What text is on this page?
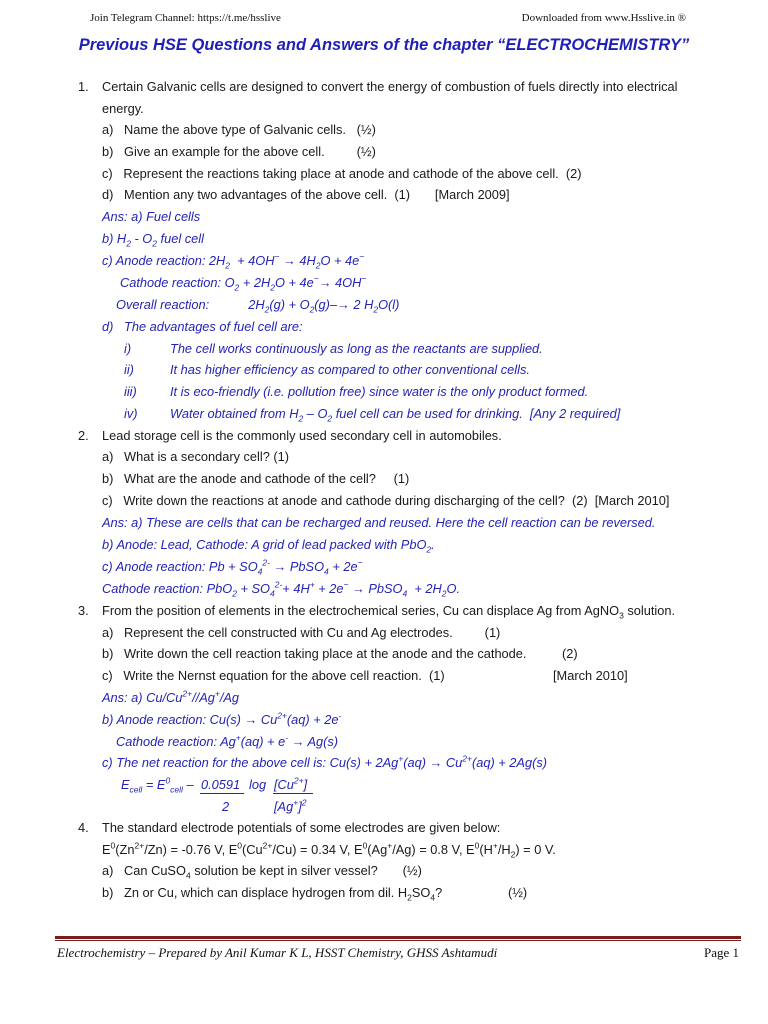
Join Telegram Channel: https://t.me/hsslive	Downloaded from www.Hsslive.in ®
Previous HSE Questions and Answers of the chapter “ELECTROCHEMISTRY”
1. Certain Galvanic cells are designed to convert the energy of combustion of fuels directly into electrical
energy.
a)   Name the above type of Galvanic cells.   (½)
b)   Give an example for the above cell.         (½)
c)   Represent the reactions taking place at anode and cathode of the above cell.  (2)
d)   Mention any two advantages of the above cell.  (1)       [March 2009]
Ans: a) Fuel cells
b) $H_2 - O_2$ fuel cell
c) Anode reaction: $2H_2 + 4OH^- \to 4H_2O + 4e^-$
Cathode reaction: $O_2 + 2H_2O + 4e^-\to 4OH^-$
Overall reaction:           $2H_2(g) + O_2(g)-\to 2$ $H_2O(l)$
d)   The advantages of fuel cell are:
i)	The cell works continuously as long as the reactants are supplied.
ii)	It has higher efficiency as compared to other conventional cells.
iii)	It is eco-friendly (i.e. pollution free) since water is the only product formed.
iv)	Water obtained from $H_2 - O_2$ fuel cell can be used for drinking.  [Any 2 required]
2. Lead storage cell is the commonly used secondary cell in automobiles.
a)   What is a secondary cell? (1)
b)   What are the anode and cathode of the cell?     (1)
c)   Write down the reactions at anode and cathode during discharging of the cell?  (2)  [March 2010]
Ans: a) These are cells that can be recharged and reused. Here the cell reaction can be reversed.
b) Anode: Lead, Cathode: A grid of lead packed with PbO$_2$.
c) Anode reaction: $Pb + SO_4^{2-}$ → PbSO$_4$ + 2e−
Cathode reaction: $PbO_2 + SO_4^{2-}+ 4H^+ + 2e^-$ → PbSO$_4$  + $2H_2O$.
3. From the position of elements in the electrochemical series, Cu can displace Ag from AgNO$_3$ solution.
a)   Represent the cell constructed with Cu and Ag electrodes.         (1)
b)   Write down the cell reaction taking place at the anode and the cathode.          (2)
c)   Write the Nernst equation for the above cell reaction.  (1)	[March 2010]
Ans: a) $Cu/Cu^{2+}//Ag^+/Ag$
b) Anode reaction: $Cu(s) \to Cu^{2+}(aq) + 2e^-$
Cathode reaction: Ag+(aq) + e- → Ag(s)
c) The net reaction for the above cell is: $Cu(s) + 2Ag^+(aq) \to Cu^{2+}(aq) + 2Ag(s)$
$E_{cell} = E^0_{cell} - 0.0591$
2
$\log [Cu^{2+}]$
$[Ag^+]^2$
4. The standard electrode potentials of some electrodes are given below:
$E^0(Zn^{2+}/Zn) = -0.76$ V, $E^0(Cu^{2+}/Cu) = 0.34$ V, $E^0(Ag^+/Ag) = 0.8$ V, $E^0(H^+/H_2) = 0$ V.
a)   Can CuSO$_4$ solution be kept in silver vessel?       (½)
b)   Zn or Cu, which can displace hydrogen from dil. $H_2SO_4$?	(½)
Electrochemistry – Prepared by Anil Kumar K L, HSST Chemistry, GHSS Ashtamudi	Page 1
